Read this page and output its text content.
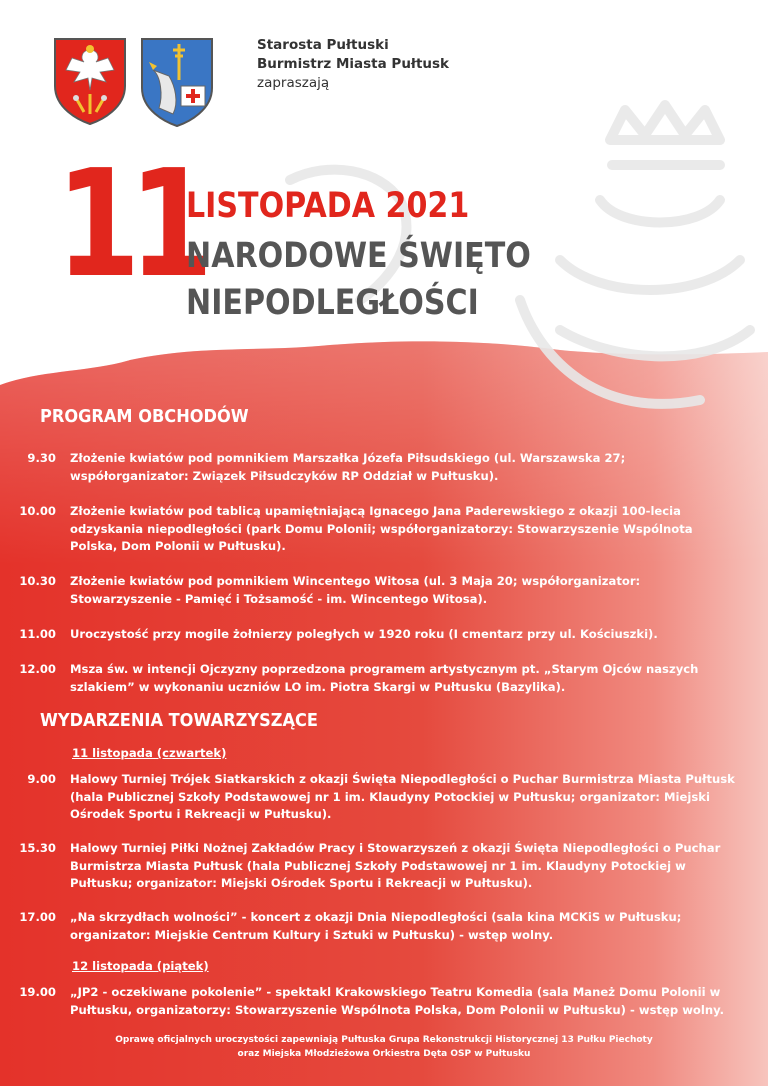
Starosta Pułtuski
Burmistrz Miasta Pułtusk
zapraszają
11
LISTOPADA 2021
NARODOWE ŚWIĘTO
NIEPODLEGŁOŚCI
PROGRAM OBCHODÓW
9.30 Złożenie kwiatów pod pomnikiem Marszałka Józefa Piłsudskiego (ul. Warszawska 27; współorganizator: Związek Piłsudczyków RP Oddział w Pułtusku).
10.00 Złożenie kwiatów pod tablicą upamiętniającą Ignacego Jana Paderewskiego z okazji 100-lecia odzyskania niepodległości (park Domu Polonii; współorganizatorzy: Stowarzyszenie Wspólnota Polska, Dom Polonii w Pułtusku).
10.30 Złożenie kwiatów pod pomnikiem Wincentego Witosa (ul. 3 Maja 20; współorganizator: Stowarzyszenie - Pamięć i Tożsamość - im. Wincentego Witosa).
11.00 Uroczystość przy mogile żołnierzy poległych w 1920 roku (I cmentarz przy ul. Kościuszki).
12.00 Msza św. w intencji Ojczyzny poprzedzona programem artystycznym pt. „Starym Ojców naszych szlakiem” w wykonaniu uczniów LO im. Piotra Skargi w Pułtusku (Bazylika).
WYDARZENIA TOWARZYSZĄCE
11 listopada (czwartek)
9.00 Halowy Turniej Trójek Siatkarskich z okazji Święta Niepodległości o Puchar Burmistrza Miasta Pułtusk (hala Publicznej Szkoły Podstawowej nr 1 im. Klaudyny Potockiej w Pułtusku; organizator: Miejski Ośrodek Sportu i Rekreacji w Pułtusku).
15.30 Halowy Turniej Piłki Nożnej Zakładów Pracy i Stowarzyszeń z okazji Święta Niepodległości o Puchar Burmistrza Miasta Pułtusk (hala Publicznej Szkoły Podstawowej nr 1 im. Klaudyny Potockiej w Pułtusku; organizator: Miejski Ośrodek Sportu i Rekreacji w Pułtusku).
17.00 „Na skrzydłach wolności” - koncert z okazji Dnia Niepodległości (sala kina MCKiS w Pułtusku; organizator: Miejskie Centrum Kultury i Sztuki w Pułtusku) - wstęp wolny.
12 listopada (piątek)
19.00 „JP2 - oczekiwane pokolenie” - spektakl Krakowskiego Teatru Komedia (sala Maneż Domu Polonii w Pułtusku, organizatorzy: Stowarzyszenie Wspólnota Polska, Dom Polonii w Pułtusku) - wstęp wolny.
Oprawę oficjalnych uroczystości zapewniają Pułtuska Grupa Rekonstrukcji Historycznej 13 Pułku Piechoty
oraz Miejska Młodzieżowa Orkiestra Dęta OSP w Pułtusku
